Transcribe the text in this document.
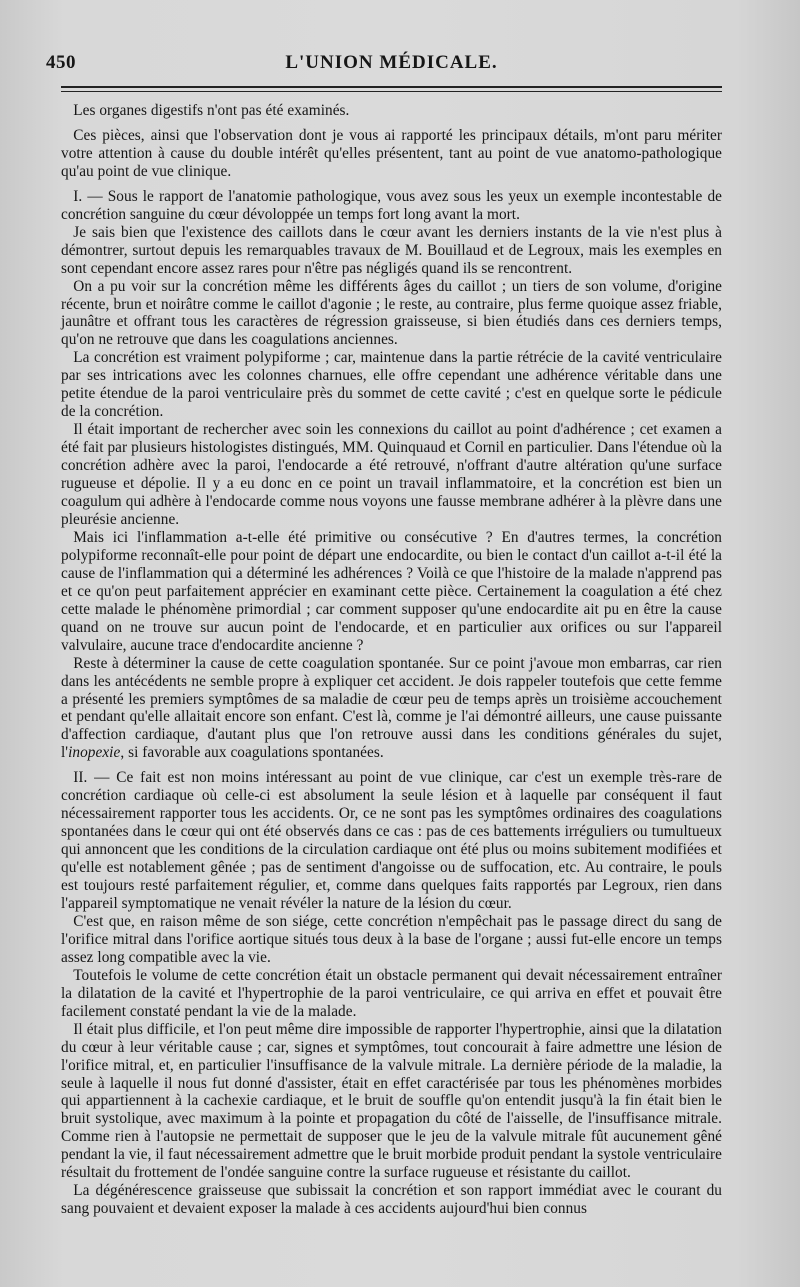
450	L'UNION MÉDICALE.

Les organes digestifs n'ont pas été examinés.

Ces pièces, ainsi que l'observation dont je vous ai rapporté les principaux détails, m'ont paru mériter votre attention à cause du double intérêt qu'elles présentent, tant au point de vue anatomo-pathologique qu'au point de vue clinique.

I. — Sous le rapport de l'anatomie pathologique, vous avez sous les yeux un exemple incontestable de concrétion sanguine du cœur dévoloppée un temps fort long avant la mort.

Je sais bien que l'existence des caillots dans le cœur avant les derniers instants de la vie n'est plus à démontrer, surtout depuis les remarquables travaux de M. Bouillaud et de Legroux, mais les exemples en sont cependant encore assez rares pour n'être pas négligés quand ils se rencontrent.

On a pu voir sur la concrétion même les différents âges du caillot ; un tiers de son volume, d'origine récente, brun et noirâtre comme le caillot d'agonie ; le reste, au contraire, plus ferme quoique assez friable, jaunâtre et offrant tous les caractères de régression graisseuse, si bien étudiés dans ces derniers temps, qu'on ne retrouve que dans les coagulations anciennes.

La concrétion est vraiment polypiforme ; car, maintenue dans la partie rétrécie de la cavité ventriculaire par ses intrications avec les colonnes charnues, elle offre cependant une adhérence véritable dans une petite étendue de la paroi ventriculaire près du sommet de cette cavité ; c'est en quelque sorte le pédicule de la concrétion.

Il était important de rechercher avec soin les connexions du caillot au point d'adhérence ; cet examen a été fait par plusieurs histologistes distingués, MM. Quinquaud et Cornil en particulier. Dans l'étendue où la concrétion adhère avec la paroi, l'endocarde a été retrouvé, n'offrant d'autre altération qu'une surface rugueuse et dépolie. Il y a eu donc en ce point un travail inflammatoire, et la concrétion est bien un coagulum qui adhère à l'endocarde comme nous voyons une fausse membrane adhérer à la plèvre dans une pleurésie ancienne.

Mais ici l'inflammation a-t-elle été primitive ou consécutive ? En d'autres termes, la concrétion polypiforme reconnaît-elle pour point de départ une endocardite, ou bien le contact d'un caillot a-t-il été la cause de l'inflammation qui a déterminé les adhérences ? Voilà ce que l'histoire de la malade n'apprend pas et ce qu'on peut parfaitement apprécier en examinant cette pièce. Certainement la coagulation a été chez cette malade le phénomène primordial ; car comment supposer qu'une endocardite ait pu en être la cause quand on ne trouve sur aucun point de l'endocarde, et en particulier aux orifices ou sur l'appareil valvulaire, aucune trace d'endocardite ancienne ?

Reste à déterminer la cause de cette coagulation spontanée. Sur ce point j'avoue mon embarras, car rien dans les antécédents ne semble propre à expliquer cet accident. Je dois rappeler toutefois que cette femme a présenté les premiers symptômes de sa maladie de cœur peu de temps après un troisième accouchement et pendant qu'elle allaitait encore son enfant. C'est là, comme je l'ai démontré ailleurs, une cause puissante d'affection cardiaque, d'autant plus que l'on retrouve aussi dans les conditions générales du sujet, l'inopexie, si favorable aux coagulations spontanées.

II. — Ce fait est non moins intéressant au point de vue clinique, car c'est un exemple très-rare de concrétion cardiaque où celle-ci est absolument la seule lésion et à laquelle par conséquent il faut nécessairement rapporter tous les accidents. Or, ce ne sont pas les symptômes ordinaires des coagulations spontanées dans le cœur qui ont été observés dans ce cas : pas de ces battements irréguliers ou tumultueux qui annoncent que les conditions de la circulation cardiaque ont été plus ou moins subitement modifiées et qu'elle est notablement gênée ; pas de sentiment d'angoisse ou de suffocation, etc. Au contraire, le pouls est toujours resté parfaitement régulier, et, comme dans quelques faits rapportés par Legroux, rien dans l'appareil symptomatique ne venait révéler la nature de la lésion du cœur.

C'est que, en raison même de son siége, cette concrétion n'empêchait pas le passage direct du sang de l'orifice mitral dans l'orifice aortique situés tous deux à la base de l'organe ; aussi fut-elle encore un temps assez long compatible avec la vie.

Toutefois le volume de cette concrétion était un obstacle permanent qui devait nécessairement entraîner la dilatation de la cavité et l'hypertrophie de la paroi ventriculaire, ce qui arriva en effet et pouvait être facilement constaté pendant la vie de la malade.

Il était plus difficile, et l'on peut même dire impossible de rapporter l'hypertrophie, ainsi que la dilatation du cœur à leur véritable cause ; car, signes et symptômes, tout concourait à faire admettre une lésion de l'orifice mitral, et, en particulier l'insuffisance de la valvule mitrale. La dernière période de la maladie, la seule à laquelle il nous fut donné d'assister, était en effet caractérisée par tous les phénomènes morbides qui appartiennent à la cachexie cardiaque, et le bruit de souffle qu'on entendit jusqu'à la fin était bien le bruit systolique, avec maximum à la pointe et propagation du côté de l'aisselle, de l'insuffisance mitrale. Comme rien à l'autopsie ne permettait de supposer que le jeu de la valvule mitrale fût aucunement gêné pendant la vie, il faut nécessairement admettre que le bruit morbide produit pendant la systole ventriculaire résultait du frottement de l'ondée sanguine contre la surface rugueuse et résistante du caillot.

La dégénérescence graisseuse que subissait la concrétion et son rapport immédiat avec le courant du sang pouvaient et devaient exposer la malade à ces accidents aujourd'hui bien connus
